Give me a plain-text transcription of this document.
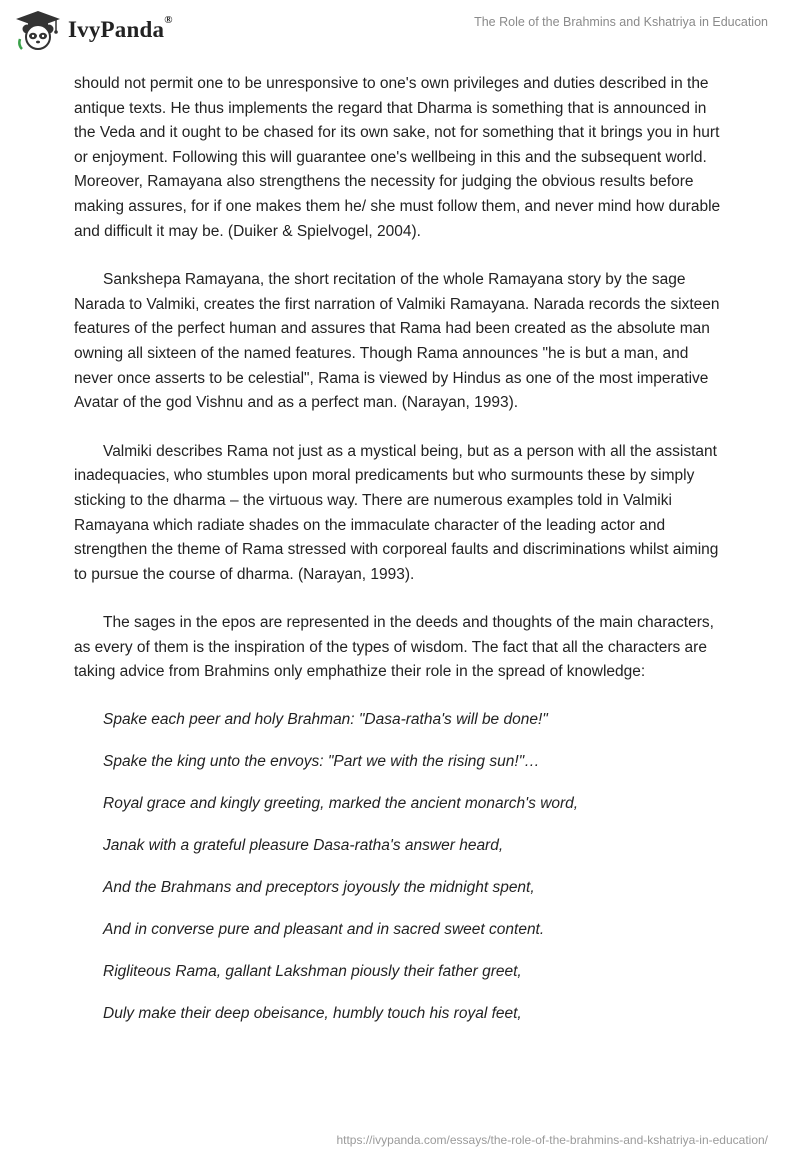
IvyPanda®	The Role of the Brahmins and Kshatriya in Education

should not permit one to be unresponsive to one's own privileges and duties described in the antique texts. He thus implements the regard that Dharma is something that is announced in the Veda and it ought to be chased for its own sake, not for something that it brings you in hurt or enjoyment. Following this will guarantee one's wellbeing in this and the subsequent world. Moreover, Ramayana also strengthens the necessity for judging the obvious results before making assures, for if one makes them he/ she must follow them, and never mind how durable and difficult it may be. (Duiker & Spielvogel, 2004).

Sankshepa Ramayana, the short recitation of the whole Ramayana story by the sage Narada to Valmiki, creates the first narration of Valmiki Ramayana. Narada records the sixteen features of the perfect human and assures that Rama had been created as the absolute man owning all sixteen of the named features. Though Rama announces "he is but a man, and never once asserts to be celestial", Rama is viewed by Hindus as one of the most imperative Avatar of the god Vishnu and as a perfect man. (Narayan, 1993).

Valmiki describes Rama not just as a mystical being, but as a person with all the assistant inadequacies, who stumbles upon moral predicaments but who surmounts these by simply sticking to the dharma – the virtuous way. There are numerous examples told in Valmiki Ramayana which radiate shades on the immaculate character of the leading actor and strengthen the theme of Rama stressed with corporeal faults and discriminations whilst aiming to pursue the course of dharma. (Narayan, 1993).

The sages in the epos are represented in the deeds and thoughts of the main characters, as every of them is the inspiration of the types of wisdom. The fact that all the characters are taking advice from Brahmins only emphathize their role in the spread of knowledge:

Spake each peer and holy Brahman: "Dasa-ratha's will be done!"

Spake the king unto the envoys: "Part we with the rising sun!"…

Royal grace and kingly greeting, marked the ancient monarch's word,

Janak with a grateful pleasure Dasa-ratha's answer heard,

And the Brahmans and preceptors joyously the midnight spent,

And in converse pure and pleasant and in sacred sweet content.

Rigliteous Rama, gallant Lakshman piously their father greet,

Duly make their deep obeisance, humbly touch his royal feet,

https://ivypanda.com/essays/the-role-of-the-brahmins-and-kshatriya-in-education/
